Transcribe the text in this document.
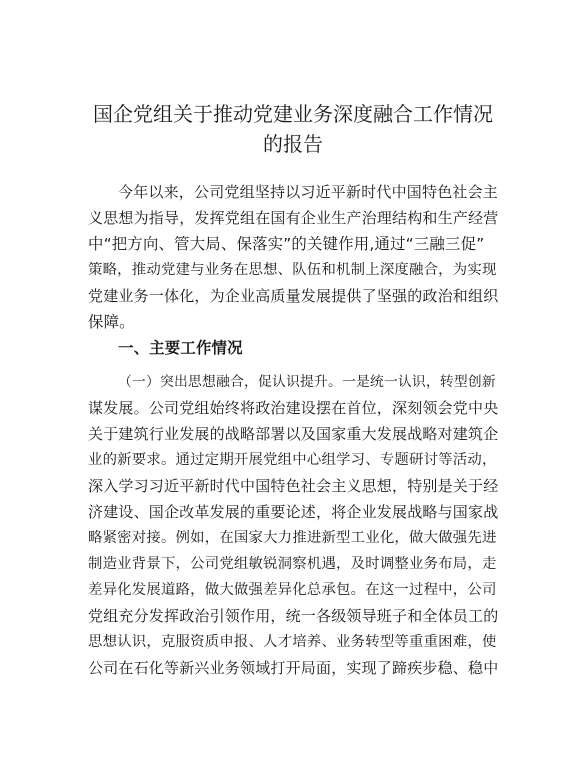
国企党组关于推动党建业务深度融合工作情况
的报告
今年以来，公司党组坚持以习近平新时代中国特色社会主
义思想为指导，发挥党组在国有企业生产治理结构和生产经营
中“把方向、管大局、保落实”的关键作用,通过“三融三促”
策略，推动党建与业务在思想、队伍和机制上深度融合，为实现
党建业务一体化，为企业高质量发展提供了坚强的政治和组织
保障。
一、主要工作情况
（一）突出思想融合，促认识提升。一是统一认识，转型创新
谋发展。公司党组始终将政治建设摆在首位，深刻领会党中央
关于建筑行业发展的战略部署以及国家重大发展战略对建筑企
业的新要求。通过定期开展党组中心组学习、专题研讨等活动，
深入学习习近平新时代中国特色社会主义思想，特别是关于经
济建设、国企改革发展的重要论述，将企业发展战略与国家战
略紧密对接。例如，在国家大力推进新型工业化，做大做强先进
制造业背景下，公司党组敏锐洞察机遇，及时调整业务布局，走
差异化发展道路，做大做强差异化总承包。在这一过程中，公司
党组充分发挥政治引领作用，统一各级领导班子和全体员工的
思想认识，克服资质申报、人才培养、业务转型等重重困难，使
公司在石化等新兴业务领域打开局面，实现了蹄疾步稳、稳中
